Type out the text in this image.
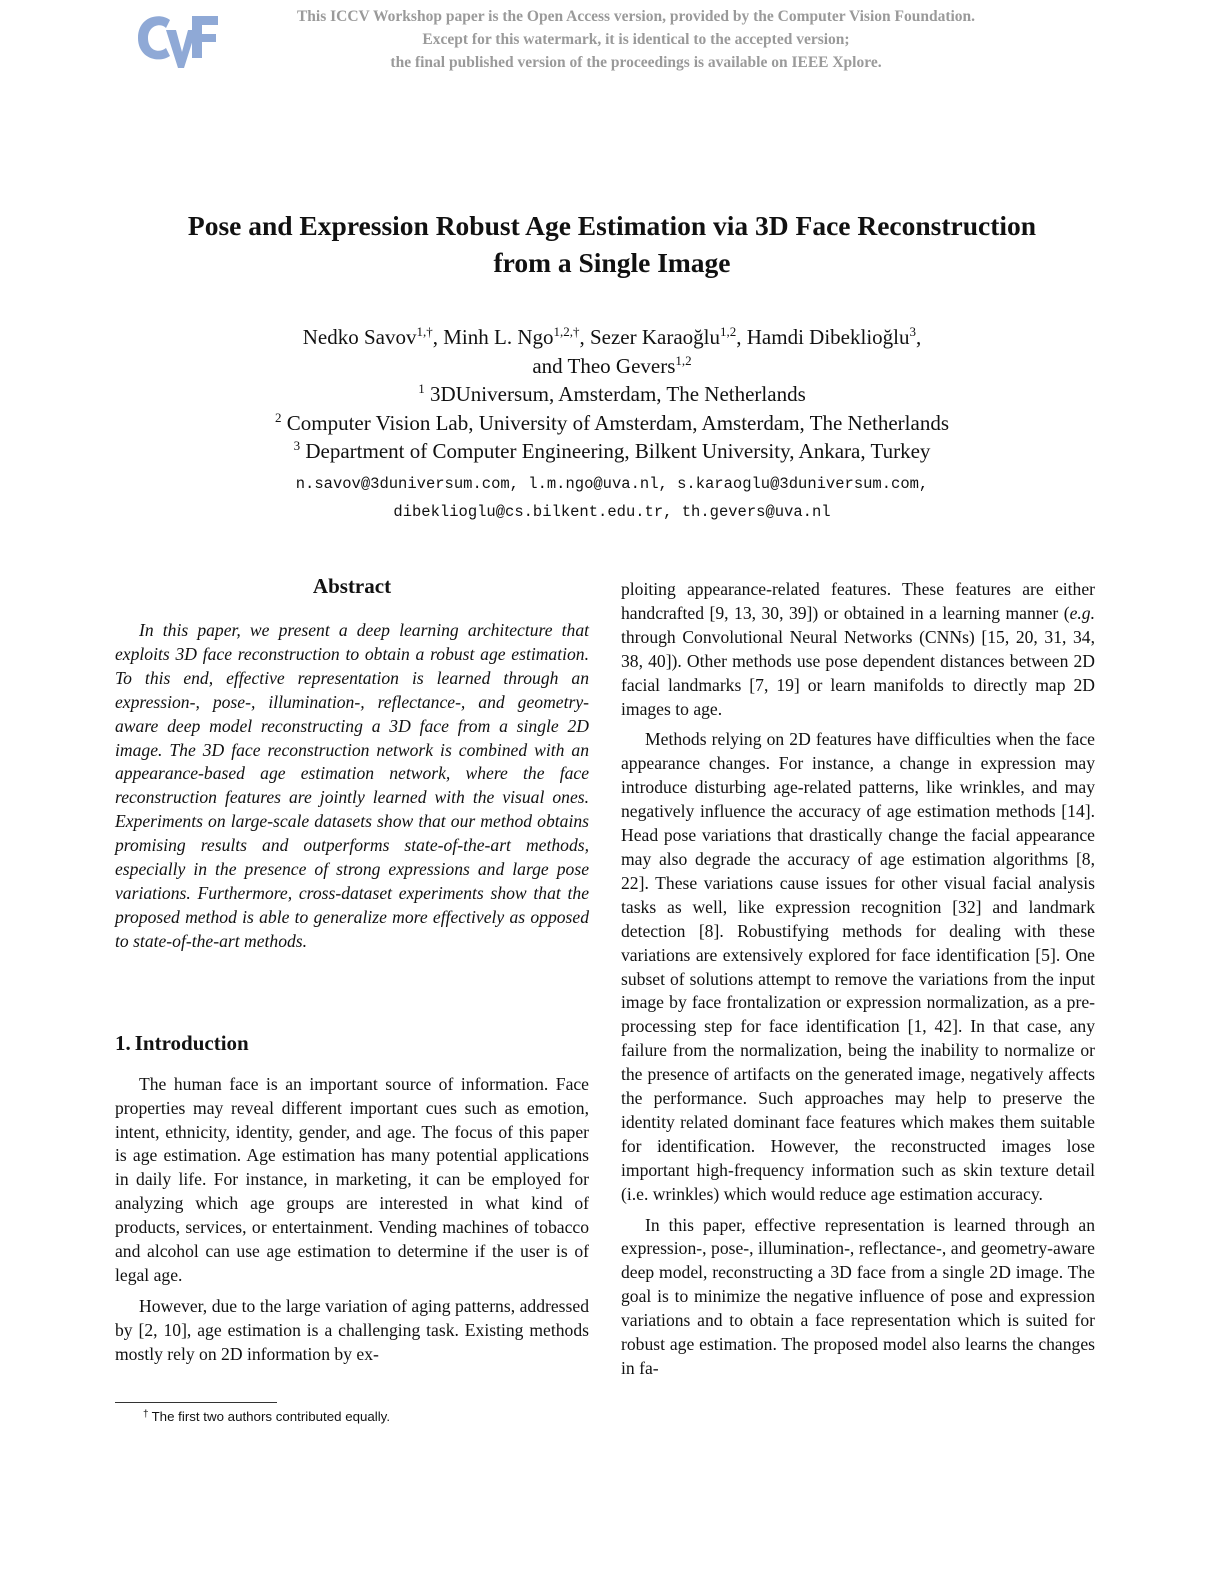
This ICCV Workshop paper is the Open Access version, provided by the Computer Vision Foundation.
Except for this watermark, it is identical to the accepted version;
the final published version of the proceedings is available on IEEE Xplore.
Pose and Expression Robust Age Estimation via 3D Face Reconstruction
from a Single Image
Nedko Savov$^{1,\dagger}$, Minh L. Ngo$^{1,2,\dagger}$, Sezer Karaoğlu$^{1,2}$, Hamdi Dibeklioğlu$^3$,
and Theo Gevers$^{1,2}$
$^1$ 3DUniversum, Amsterdam, The Netherlands
$^2$ Computer Vision Lab, University of Amsterdam, Amsterdam, The Netherlands
$^3$ Department of Computer Engineering, Bilkent University, Ankara, Turkey
n.savov@3duniversum.com, l.m.ngo@uva.nl, s.karaoglu@3duniversum.com,
dibeklioglu@cs.bilkent.edu.tr, th.gevers@uva.nl
Abstract

In this paper, we present a deep learning architecture that exploits 3D face reconstruction to obtain a robust age estimation. To this end, effective representation is learned through an expression-, pose-, illumination-, reflectance-, and geometry-aware deep model reconstructing a 3D face from a single 2D image. The 3D face reconstruction network is combined with an appearance-based age estimation network, where the face reconstruction features are jointly learned with the visual ones. Experiments on large-scale datasets show that our method obtains promising results and outperforms state-of-the-art methods, especially in the presence of strong expressions and large pose variations. Furthermore, cross-dataset experiments show that the proposed method is able to generalize more effectively as opposed to state-of-the-art methods.

1. Introduction

The human face is an important source of information. Face properties may reveal different important cues such as emotion, intent, ethnicity, identity, gender, and age. The focus of this paper is age estimation. Age estimation has many potential applications in daily life. For instance, in marketing, it can be employed for analyzing which age groups are interested in what kind of products, services, or entertainment. Vending machines of tobacco and alcohol can use age estimation to determine if the user is of legal age.

However, due to the large variation of aging patterns, addressed by [2, 10], age estimation is a challenging task. Existing methods mostly rely on 2D information by ex-

ploiting appearance-related features. These features are either handcrafted [9, 13, 30, 39]) or obtained in a learning manner (e.g. through Convolutional Neural Networks (CNNs) [15, 20, 31, 34, 38, 40]). Other methods use pose dependent distances between 2D facial landmarks [7, 19] or learn manifolds to directly map 2D images to age.

Methods relying on 2D features have difficulties when the face appearance changes. For instance, a change in expression may introduce disturbing age-related patterns, like wrinkles, and may negatively influence the accuracy of age estimation methods [14]. Head pose variations that drastically change the facial appearance may also degrade the accuracy of age estimation algorithms [8, 22]. These variations cause issues for other visual facial analysis tasks as well, like expression recognition [32] and landmark detection [8]. Robustifying methods for dealing with these variations are extensively explored for face identification [5]. One subset of solutions attempt to remove the variations from the input image by face frontalization or expression normalization, as a pre-processing step for face identification [1, 42]. In that case, any failure from the normalization, being the inability to normalize or the presence of artifacts on the generated image, negatively affects the performance. Such approaches may help to preserve the identity related dominant face features which makes them suitable for identification. However, the reconstructed images lose important high-frequency information such as skin texture detail (i.e. wrinkles) which would reduce age estimation accuracy.

In this paper, effective representation is learned through an expression-, pose-, illumination-, reflectance-, and geometry-aware deep model, reconstructing a 3D face from a single 2D image. The goal is to minimize the negative influence of pose and expression variations and to obtain a face representation which is suited for robust age estimation. The proposed model also learns the changes in fa-

† The first two authors contributed equally.
